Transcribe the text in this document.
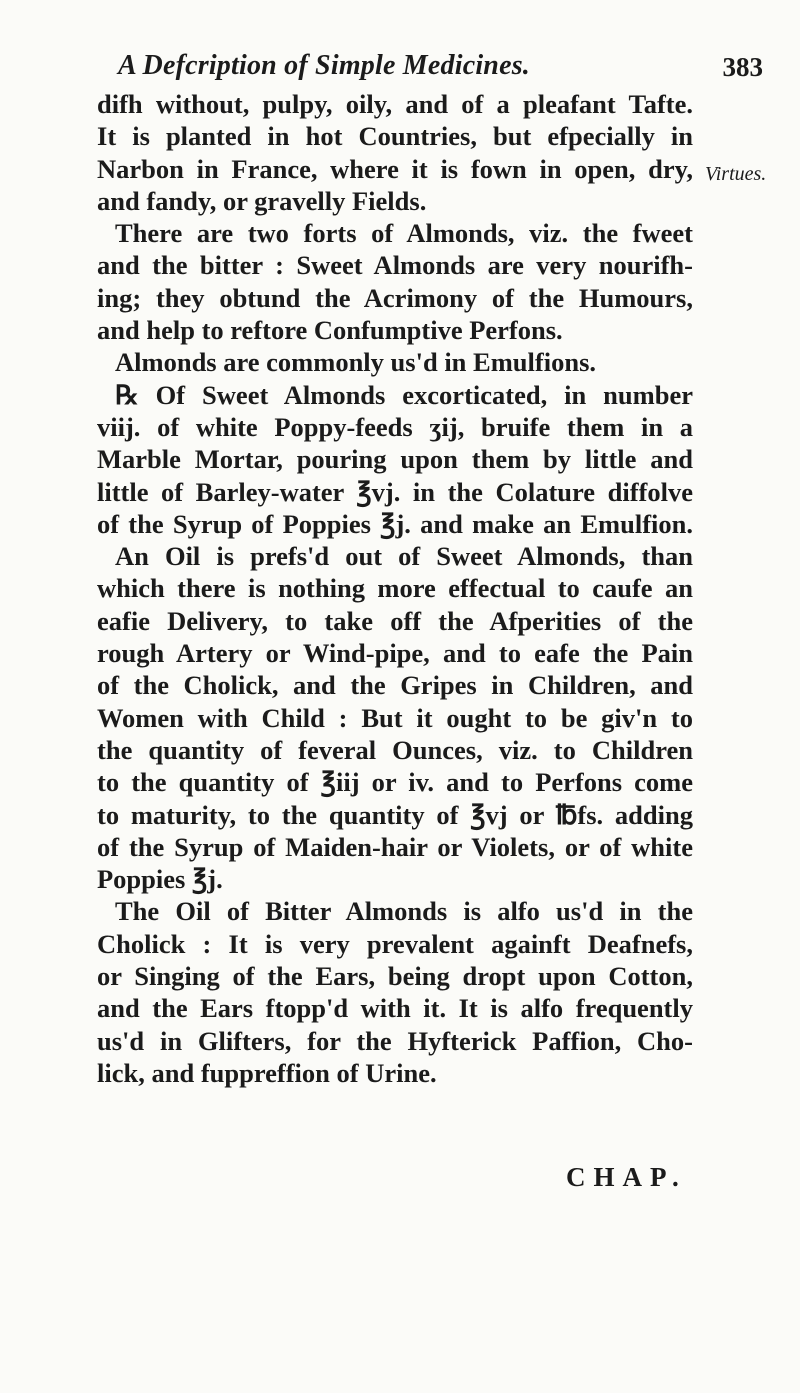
A Defcription of Simple Medicines.	383
Virtues.
difh without, pulpy, oily, and of a pleafant Tafte.
It is planted in hot Countries, but efpecially in
Narbon in France, where it is fown in open, dry,
and fandy, or gravelly Fields.
There are two forts of Almonds, viz. the fweet
and the bitter : Sweet Almonds are very nourifh-
ing; they obtund the Acrimony of the Humours,
and help to reftore Confumptive Perfons.
Almonds are commonly us'd in Emulfions.
℞ Of Sweet Almonds excorticated, in number
viij. of white Poppy-feeds ʒij, bruife them in a
Marble Mortar, pouring upon them by little and
little of Barley-water ℥vj. in the Colature diffolve
of the Syrup of Poppies ℥j. and make an Emulfion.
An Oil is prefs'd out of Sweet Almonds, than
which there is nothing more effectual to caufe an
eafie Delivery, to take off the Afperities of the
rough Artery or Wind-pipe, and to eafe the Pain
of the Cholick, and the Gripes in Children, and
Women with Child : But it ought to be giv'n to
the quantity of feveral Ounces, viz. to Children
to the quantity of ℥iij or iv. and to Perfons come
to maturity, to the quantity of ℥vj or ℔fs. adding
of the Syrup of Maiden-hair or Violets, or of white
Poppies ℥j.
The Oil of Bitter Almonds is alfo us'd in the
Cholick : It is very prevalent againft Deafnefs,
or Singing of the Ears, being dropt upon Cotton,
and the Ears ftopp'd with it. It is alfo frequently
us'd in Glifters, for the Hyfterick Paffion, Cho-
lick, and fuppreffion of Urine.
CHAP.
